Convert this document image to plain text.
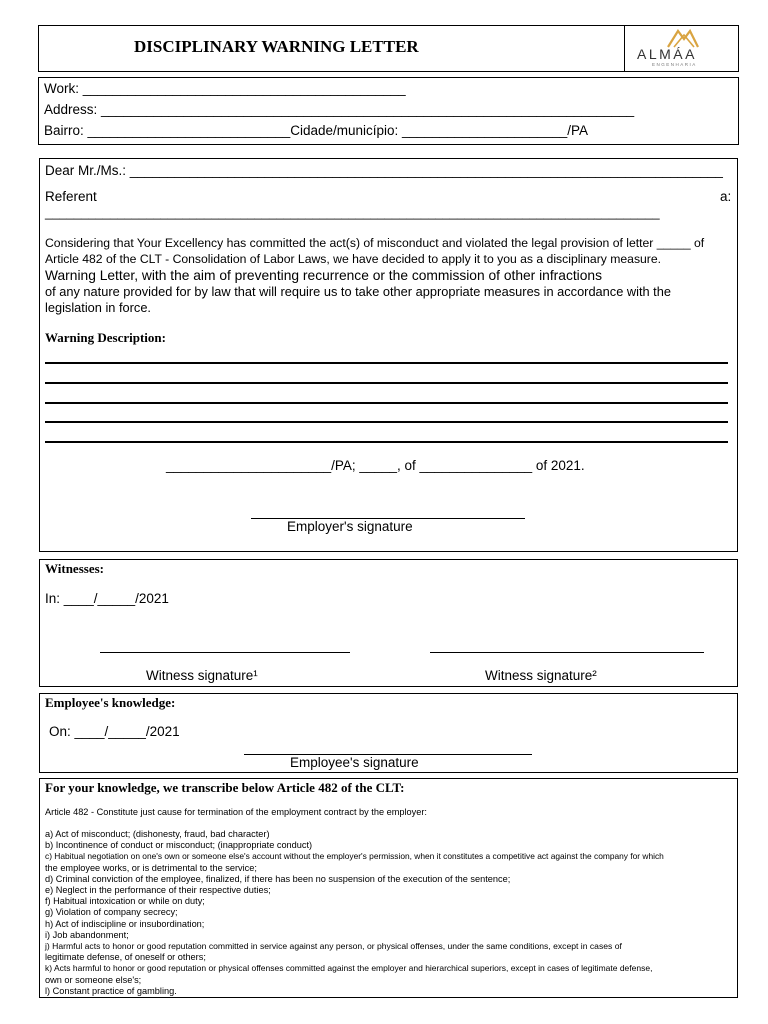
DISCIPLINARY WARNING LETTER	ALMÁA
ENGENHARIA
Work: ___________________________________________
Address: _______________________________________________________________________
Bairro: ___________________________Cidade/município: ______________________/PA
Dear Mr./Ms.: _______________________________________________________________________________
Referent	a:
_____________________________________________________________________________________
Considering that Your Excellency has committed the act(s) of misconduct and violated the legal provision of letter _____ of
Article 482 of the CLT - Consolidation of Labor Laws, we have decided to apply it to you as a disciplinary measure.
Warning Letter, with the aim of preventing recurrence or the commission of other infractions
of any nature provided for by law that will require us to take other appropriate measures in accordance with the
legislation in force.
Warning Description:
______________________/PA; _____, of _______________ of 2021.
Employer's signature
Witnesses:
In: ____/_____/2021
Witness signature¹	Witness signature²
Employee's knowledge:
On: ____/_____/2021
Employee's signature
For your knowledge, we transcribe below Article 482 of the CLT:
Article 482 - Constitute just cause for termination of the employment contract by the employer:
a) Act of misconduct; (dishonesty, fraud, bad character)
b) Incontinence of conduct or misconduct; (inappropriate conduct)
c) Habitual negotiation on one's own or someone else's account without the employer's permission, when it constitutes a competitive act against the company for which
the employee works, or is detrimental to the service;
d) Criminal conviction of the employee, finalized, if there has been no suspension of the execution of the sentence;
e) Neglect in the performance of their respective duties;
f) Habitual intoxication or while on duty;
g) Violation of company secrecy;
h) Act of indiscipline or insubordination;
i) Job abandonment;
j) Harmful acts to honor or good reputation committed in service against any person, or physical offenses, under the same conditions, except in cases of
legitimate defense, of oneself or others;
k) Acts harmful to honor or good reputation or physical offenses committed against the employer and hierarchical superiors, except in cases of legitimate defense,
own or someone else's;
l) Constant practice of gambling.
